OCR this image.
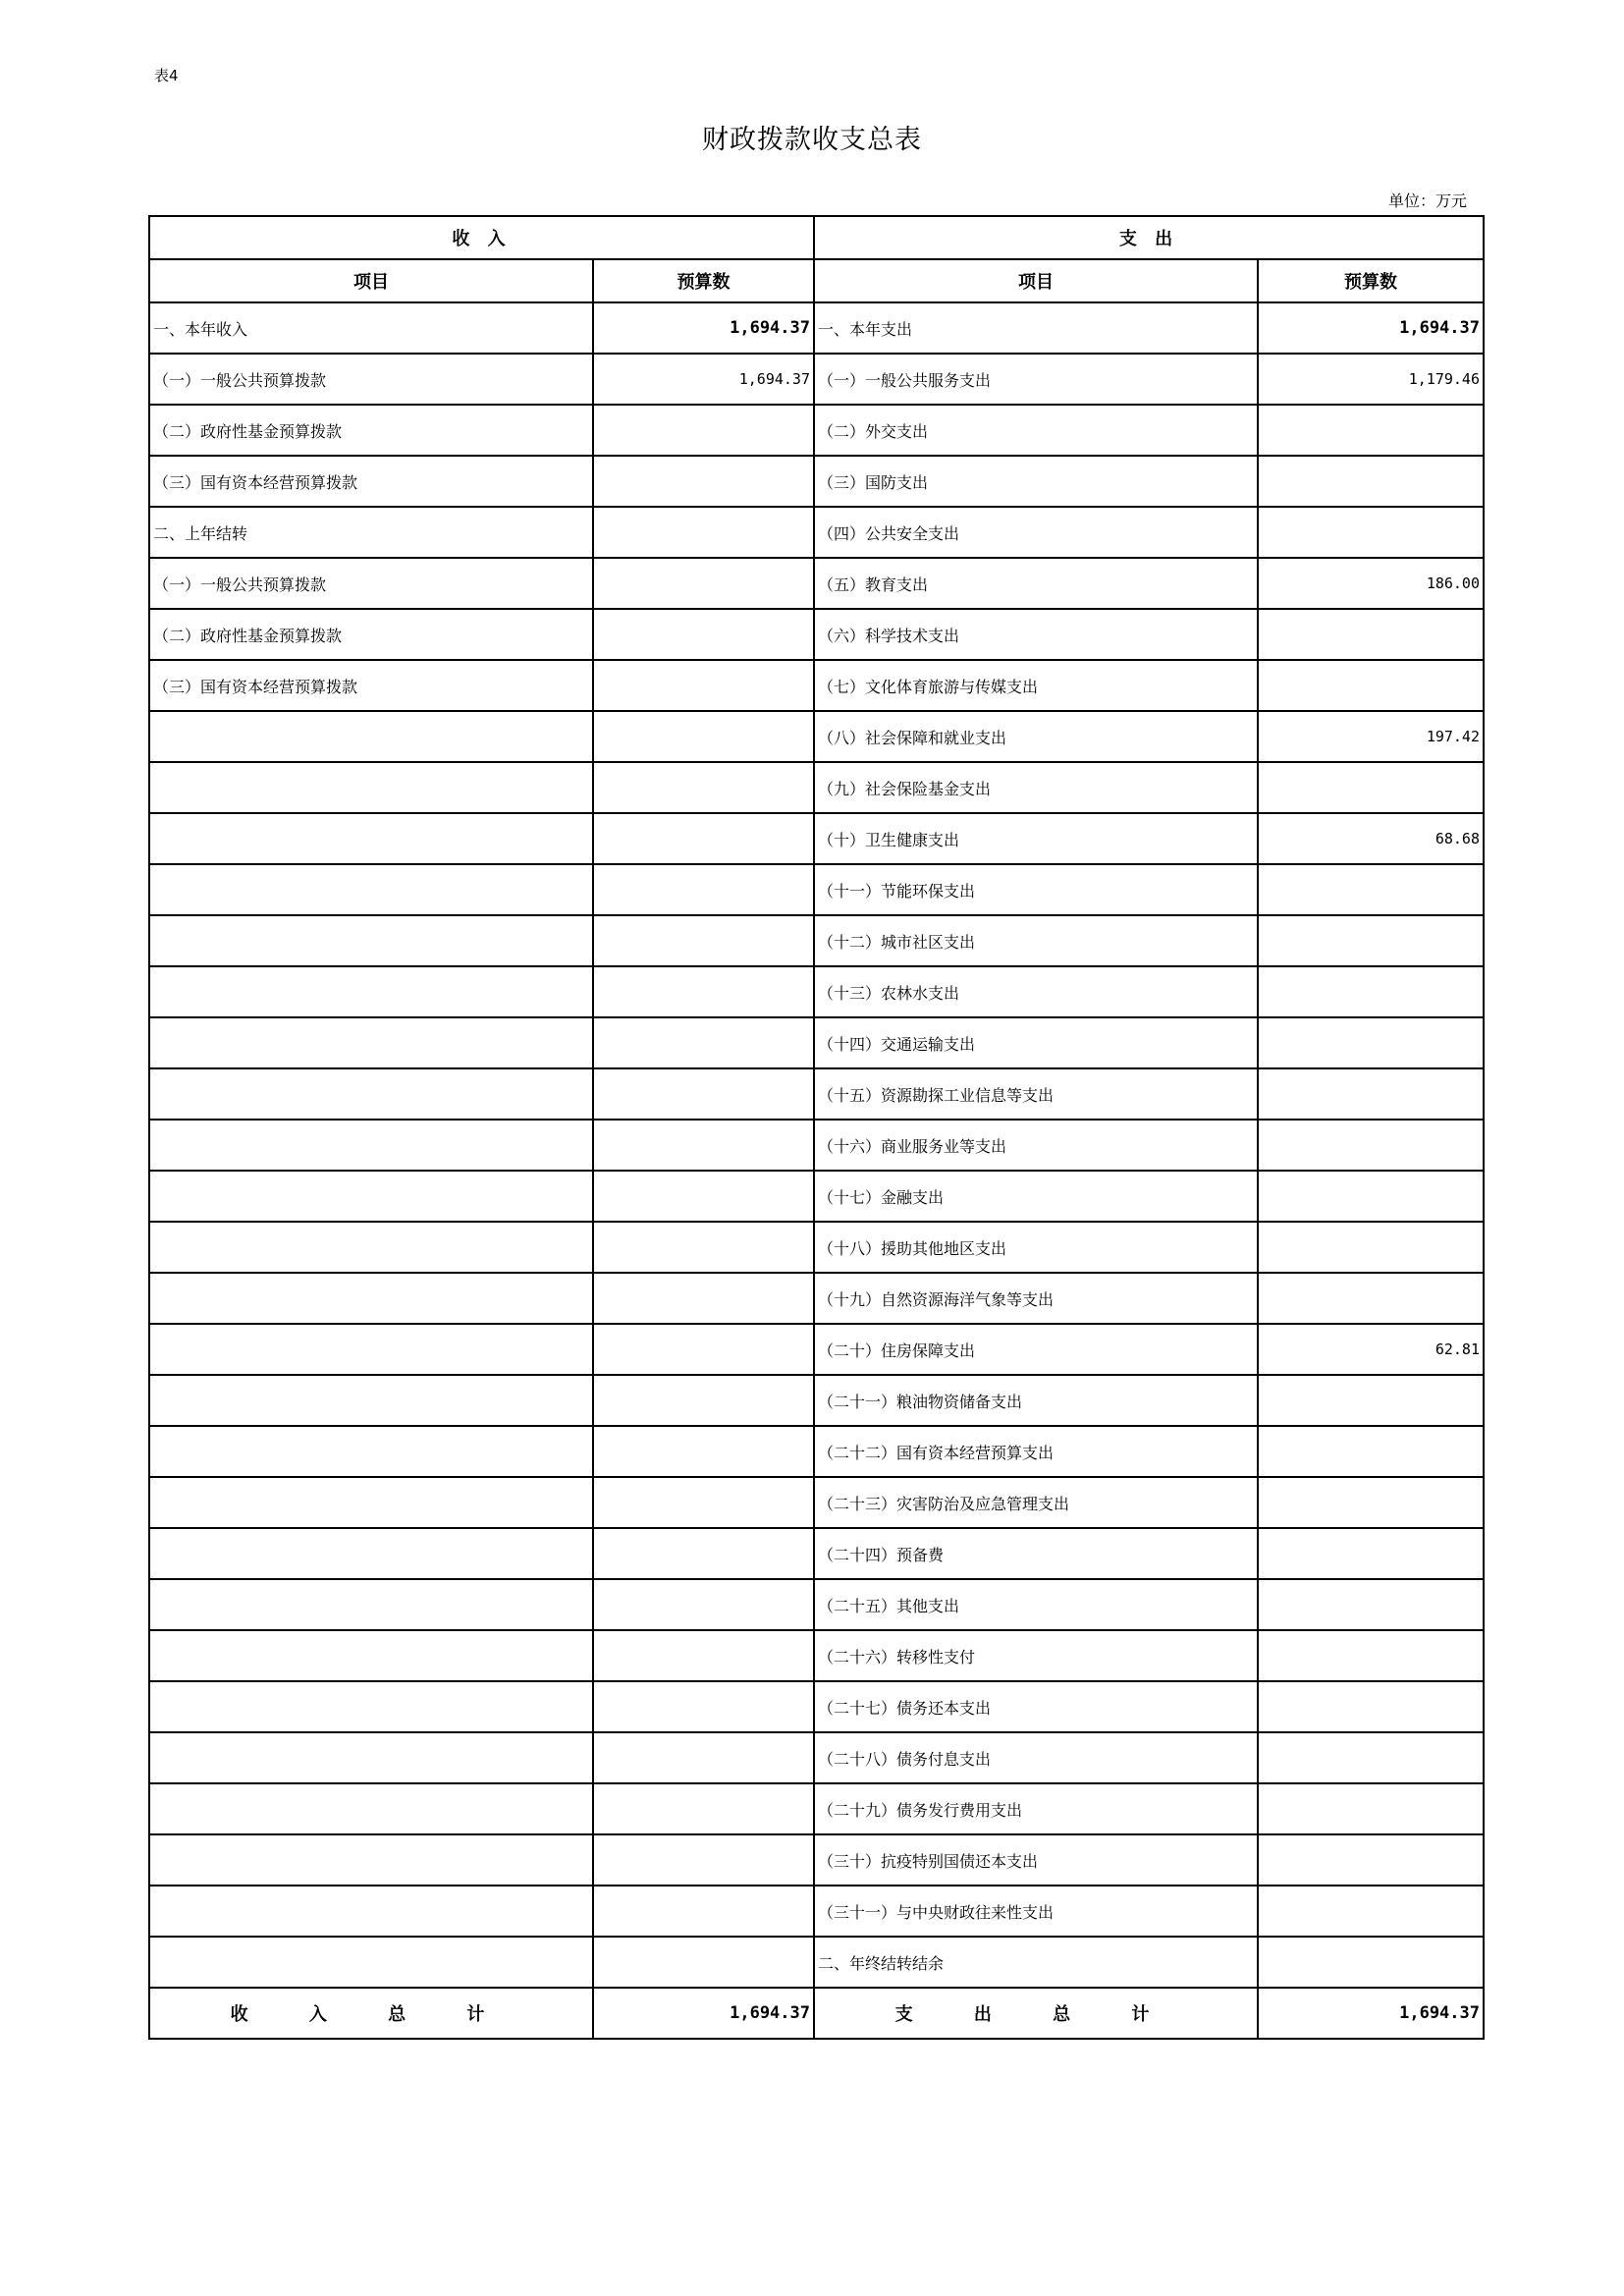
表4
财政拨款收支总表
单位：万元
收 入		支 出	
项目	预算数	项目	预算数
一、本年收入	1,694.37	一、本年支出	1,694.37
（一）一般公共预算拨款	1,694.37	（一）一般公共服务支出	1,179.46
（二）政府性基金预算拨款		（二）外交支出	
（三）国有资本经营预算拨款		（三）国防支出	
二、上年结转		（四）公共安全支出	
（一）一般公共预算拨款		（五）教育支出	186.00
（二）政府性基金预算拨款		（六）科学技术支出	
（三）国有资本经营预算拨款		（七）文化体育旅游与传媒支出	
		（八）社会保障和就业支出	197.42
		（九）社会保险基金支出	
		（十）卫生健康支出	68.68
		（十一）节能环保支出	
		（十二）城市社区支出	
		（十三）农林水支出	
		（十四）交通运输支出	
		（十五）资源勘探工业信息等支出	
		（十六）商业服务业等支出	
		（十七）金融支出	
		（十八）援助其他地区支出	
		（十九）自然资源海洋气象等支出	
		（二十）住房保障支出	62.81
		（二十一）粮油物资储备支出	
		（二十二）国有资本经营预算支出	
		（二十三）灾害防治及应急管理支出	
		（二十四）预备费	
		（二十五）其他支出	
		（二十六）转移性支付	
		（二十七）债务还本支出	
		（二十八）债务付息支出	
		（二十九）债务发行费用支出	
		（三十）抗疫特别国债还本支出	
		（三十一）与中央财政往来性支出	
		二、年终结转结余	
收 入 总 计	1,694.37	支 出 总 计	1,694.37
